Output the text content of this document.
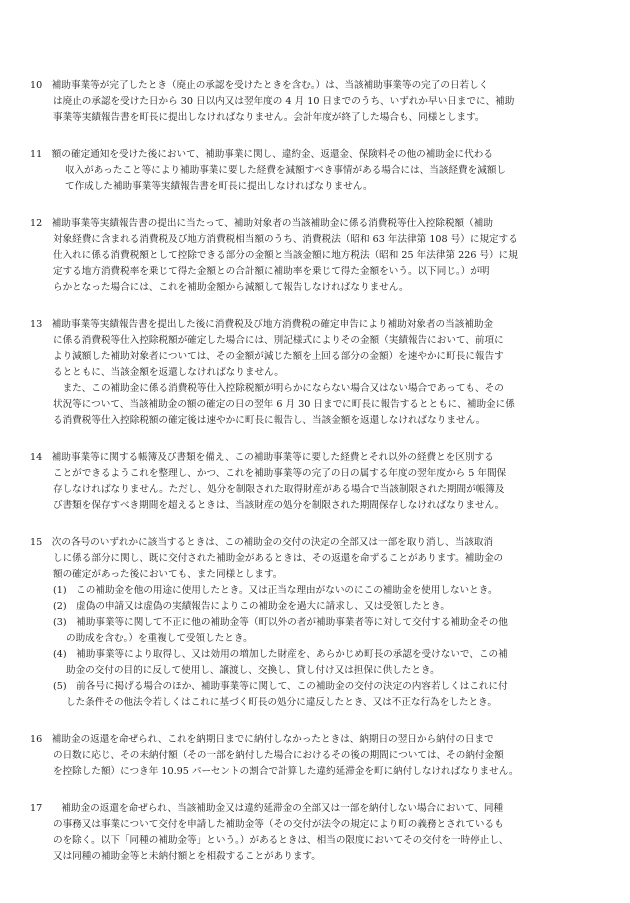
10　補助事業等が完了したとき（廃止の承認を受けたときを含む。）は、当該補助事業等の完了の日若しく
は廃止の承認を受けた日から 30 日以内又は翌年度の 4 月 10 日までのうち、いずれか早い日までに、補助
事業等実績報告書を町長に提出しなければなりません。会計年度が終了した場合も、同様とします。
11　額の確定通知を受けた後において、補助事業に関し、違約金、返還金、保険料その他の補助金に代わる
収入があったこと等により補助事業に要した経費を減額すべき事情がある場合には、当該経費を減額し
て作成した補助事業等実績報告書を町長に提出しなければなりません。
12　補助事業等実績報告書の提出に当たって、補助対象者の当該補助金に係る消費税等仕入控除税額（補助
対象経費に含まれる消費税及び地方消費税相当額のうち、消費税法（昭和 63 年法律第 108 号）に規定する
仕入れに係る消費税額として控除できる部分の金額と当該金額に地方税法（昭和 25 年法律第 226 号）に規
定する地方消費税率を乗じて得た金額との合計額に補助率を乗じて得た金額をいう。以下同じ。）が明
らかとなった場合には、これを補助金額から減額して報告しなければなりません。
13　補助事業等実績報告書を提出した後に消費税及び地方消費税の確定申告により補助対象者の当該補助金
に係る消費税等仕入控除税額が確定した場合には、別記様式によりその金額（実績報告において、前項に
より減額した補助対象者については、その金額が減じた額を上回る部分の金額）を速やかに町長に報告す
るとともに、当該金額を返還しなければなりません。
　また、この補助金に係る消費税等仕入控除税額が明らかにならない場合又はない場合であっても、その
状況等について、当該補助金の額の確定の日の翌年 6 月 30 日までに町長に報告するとともに、補助金に係
る消費税等仕入控除税額の確定後は速やかに町長に報告し、当該金額を返還しなければなりません。
14　補助事業等に関する帳簿及び書類を備え、この補助事業等に要した経費とそれ以外の経費とを区別する
ことができるようこれを整理し、かつ、これを補助事業等の完了の日の属する年度の翌年度から 5 年間保
存しなければなりません。ただし、処分を制限された取得財産がある場合で当該制限された期間が帳簿及
び書類を保存すべき期間を超えるときは、当該財産の処分を制限された期間保存しなければなりません。
15　次の各号のいずれかに該当するときは、この補助金の交付の決定の全部又は一部を取り消し、当該取消
しに係る部分に関し、既に交付された補助金があるときは、その返還を命ずることがあります。補助金の
額の確定があった後においても、また同様とします。
(1)　この補助金を他の用途に使用したとき。又は正当な理由がないのにこの補助金を使用しないとき。
(2)　虚偽の申請又は虚偽の実績報告によりこの補助金を過大に請求し、又は受領したとき。
(3)　補助事業等に関して不正に他の補助金等（町以外の者が補助事業者等に対して交付する補助金その他
の助成を含む。）を重複して受領したとき。
(4)　補助事業等により取得し、又は効用の増加した財産を、あらかじめ町長の承認を受けないで、この補
助金の交付の目的に反して使用し、譲渡し、交換し、貸し付け又は担保に供したとき。
(5)　前各号に掲げる場合のほか、補助事業等に関して、この補助金の交付の決定の内容若しくはこれに付
した条件その他法令若しくはこれに基づく町長の処分に違反したとき、又は不正な行為をしたとき。
16　補助金の返還を命ぜられ、これを納期日までに納付しなかったときは、納期日の翌日から納付の日まで
の日数に応じ、その未納付額（その一部を納付した場合におけるその後の期間については、その納付金額
を控除した額）につき年 10.95 パーセントの割合で計算した違約延滞金を町に納付しなければなりません。
17　　補助金の返還を命ぜられ、当該補助金又は違約延滞金の全部又は一部を納付しない場合において、同種
の事務又は事業について交付を申請した補助金等（その交付が法令の規定により町の義務とされているも
のを除く。以下「同種の補助金等」という。）があるときは、相当の限度においてその交付を一時停止し、
又は同種の補助金等と未納付額とを相殺することがあります。
